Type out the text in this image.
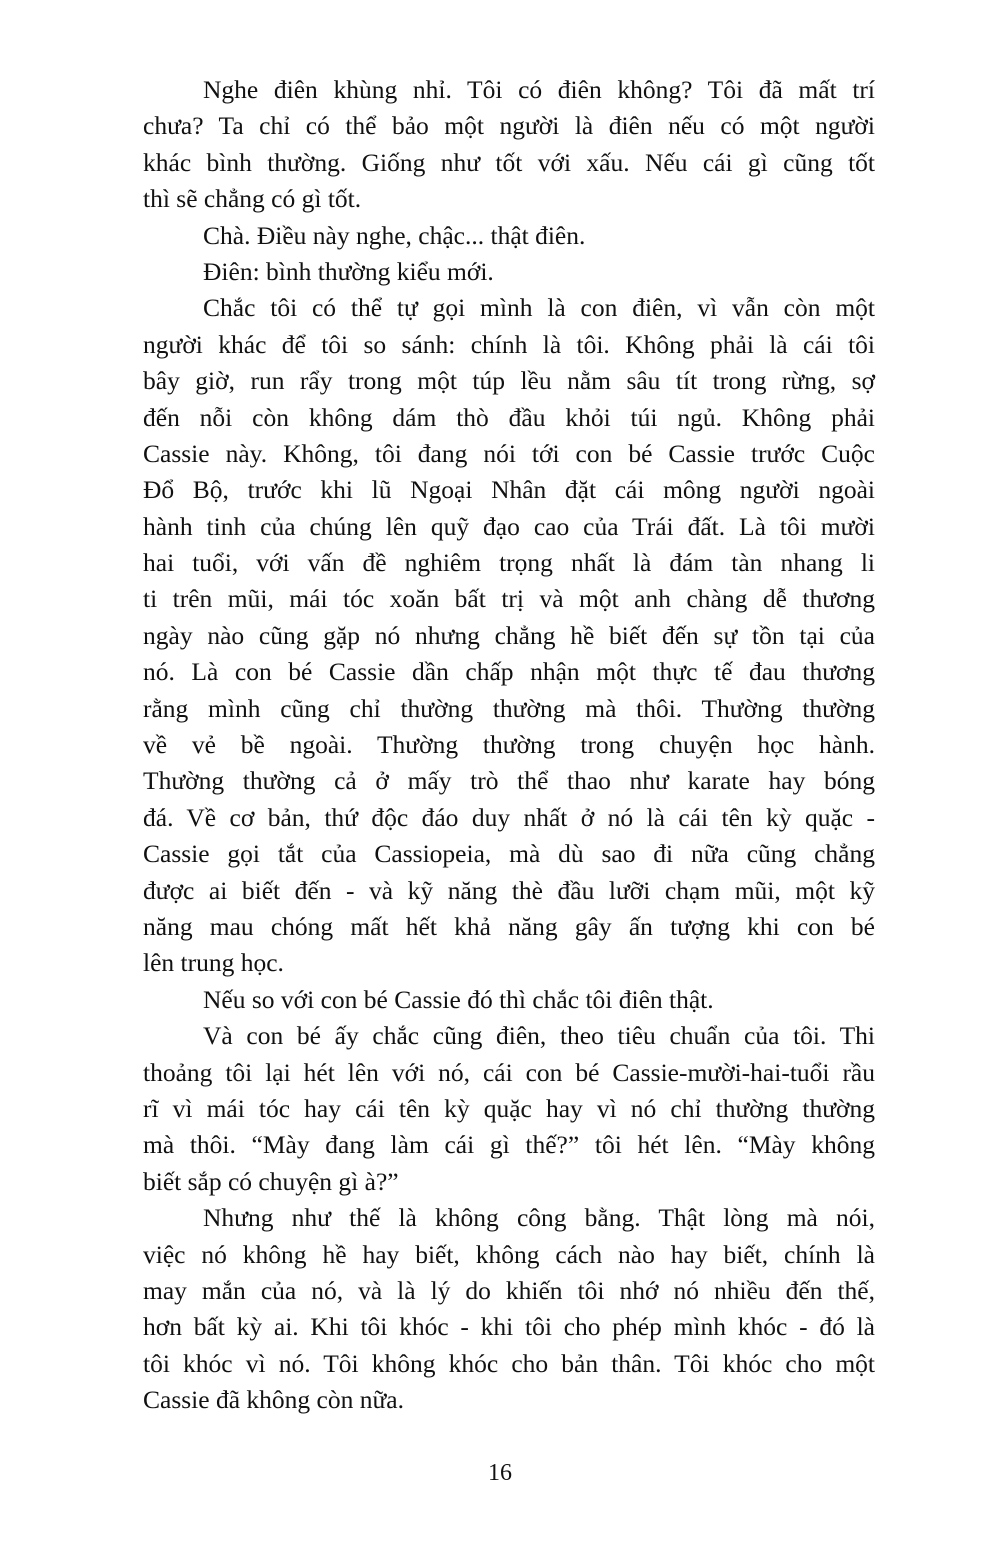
Nghe điên khùng nhỉ. Tôi có điên không? Tôi đã mất trí
chưa? Ta chỉ có thể bảo một người là điên nếu có một người
khác bình thường. Giống như tốt với xấu. Nếu cái gì cũng tốt
thì sẽ chẳng có gì tốt.
Chà. Điều này nghe, chậc... thật điên.
Điên: bình thường kiểu mới.
Chắc tôi có thể tự gọi mình là con điên, vì vẫn còn một
người khác để tôi so sánh: chính là tôi. Không phải là cái tôi
bây giờ, run rẩy trong một túp lều nằm sâu tít trong rừng, sợ
đến nỗi còn không dám thò đầu khỏi túi ngủ. Không phải
Cassie này. Không, tôi đang nói tới con bé Cassie trước Cuộc
Đổ Bộ, trước khi lũ Ngoại Nhân đặt cái mông người ngoài
hành tinh của chúng lên quỹ đạo cao của Trái đất. Là tôi mười
hai tuổi, với vấn đề nghiêm trọng nhất là đám tàn nhang li
ti trên mũi, mái tóc xoăn bất trị và một anh chàng dễ thương
ngày nào cũng gặp nó nhưng chẳng hề biết đến sự tồn tại của
nó. Là con bé Cassie dần chấp nhận một thực tế đau thương
rằng mình cũng chỉ thường thường mà thôi. Thường thường
về vẻ bề ngoài. Thường thường trong chuyện học hành.
Thường thường cả ở mấy trò thể thao như karate hay bóng
đá. Về cơ bản, thứ độc đáo duy nhất ở nó là cái tên kỳ quặc -
Cassie gọi tắt của Cassiopeia, mà dù sao đi nữa cũng chẳng
được ai biết đến - và kỹ năng thè đầu lưỡi chạm mũi, một kỹ
năng mau chóng mất hết khả năng gây ấn tượng khi con bé
lên trung học.
Nếu so với con bé Cassie đó thì chắc tôi điên thật.
Và con bé ấy chắc cũng điên, theo tiêu chuẩn của tôi. Thi
thoảng tôi lại hét lên với nó, cái con bé Cassie-mười-hai-tuổi rầu
rĩ vì mái tóc hay cái tên kỳ quặc hay vì nó chỉ thường thường
mà thôi. “Mày đang làm cái gì thế?” tôi hét lên. “Mày không
biết sắp có chuyện gì à?”
Nhưng như thế là không công bằng. Thật lòng mà nói,
việc nó không hề hay biết, không cách nào hay biết, chính là
may mắn của nó, và là lý do khiến tôi nhớ nó nhiều đến thế,
hơn bất kỳ ai. Khi tôi khóc - khi tôi cho phép mình khóc - đó là
tôi khóc vì nó. Tôi không khóc cho bản thân. Tôi khóc cho một
Cassie đã không còn nữa.
16
